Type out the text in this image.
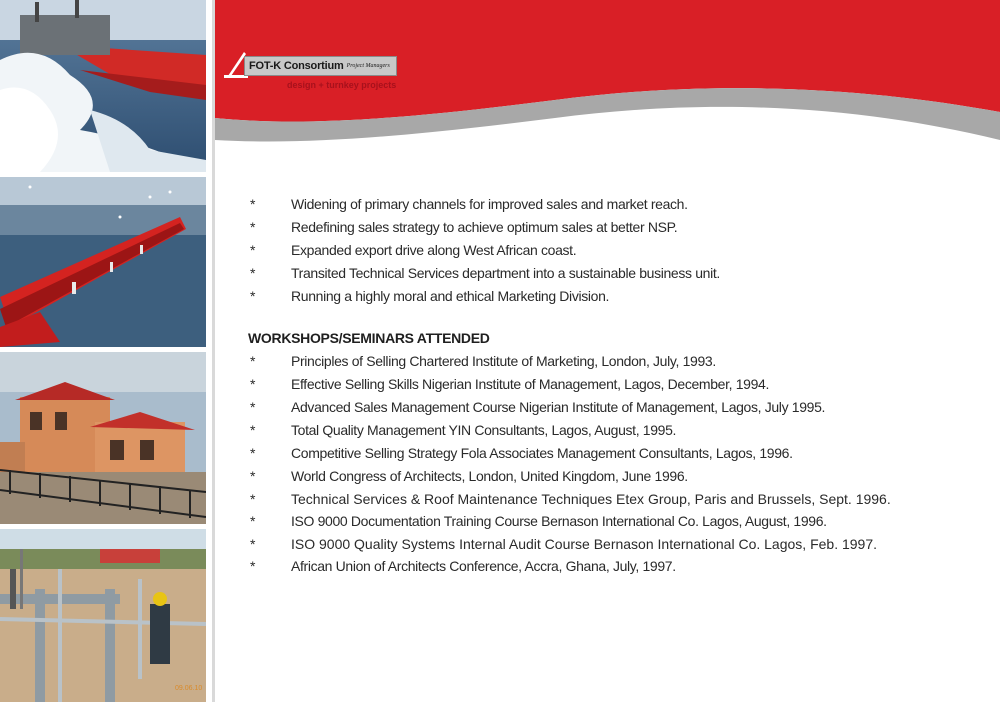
09.06.10
FOT-K Consortium Project Managers
design + turnkey projects
*	Widening of primary channels for improved sales and market reach.
*	Redefining sales strategy to achieve optimum sales at better NSP.
*	Expanded export drive along West African coast.
*	Transited Technical Services department into a sustainable business unit.
*	Running a highly moral and ethical Marketing Division.
WORKSHOPS/SEMINARS ATTENDED
*	Principles of Selling Chartered Institute of Marketing, London, July, 1993.
*	Effective Selling Skills Nigerian Institute of Management, Lagos, December, 1994.
*	Advanced Sales Management Course Nigerian Institute of Management, Lagos, July 1995.
*	Total Quality Management YIN Consultants, Lagos, August, 1995.
*	Competitive Selling Strategy Fola Associates Management Consultants, Lagos, 1996.
*	World Congress of Architects, London, United Kingdom, June 1996.
*	Technical Services & Roof Maintenance Techniques Etex Group, Paris and Brussels, Sept. 1996.
*	ISO 9000 Documentation Training Course Bernason International Co. Lagos, August, 1996.
*	ISO 9000 Quality Systems Internal Audit Course Bernason International Co. Lagos, Feb. 1997.
*	African Union of Architects Conference, Accra, Ghana, July, 1997.
